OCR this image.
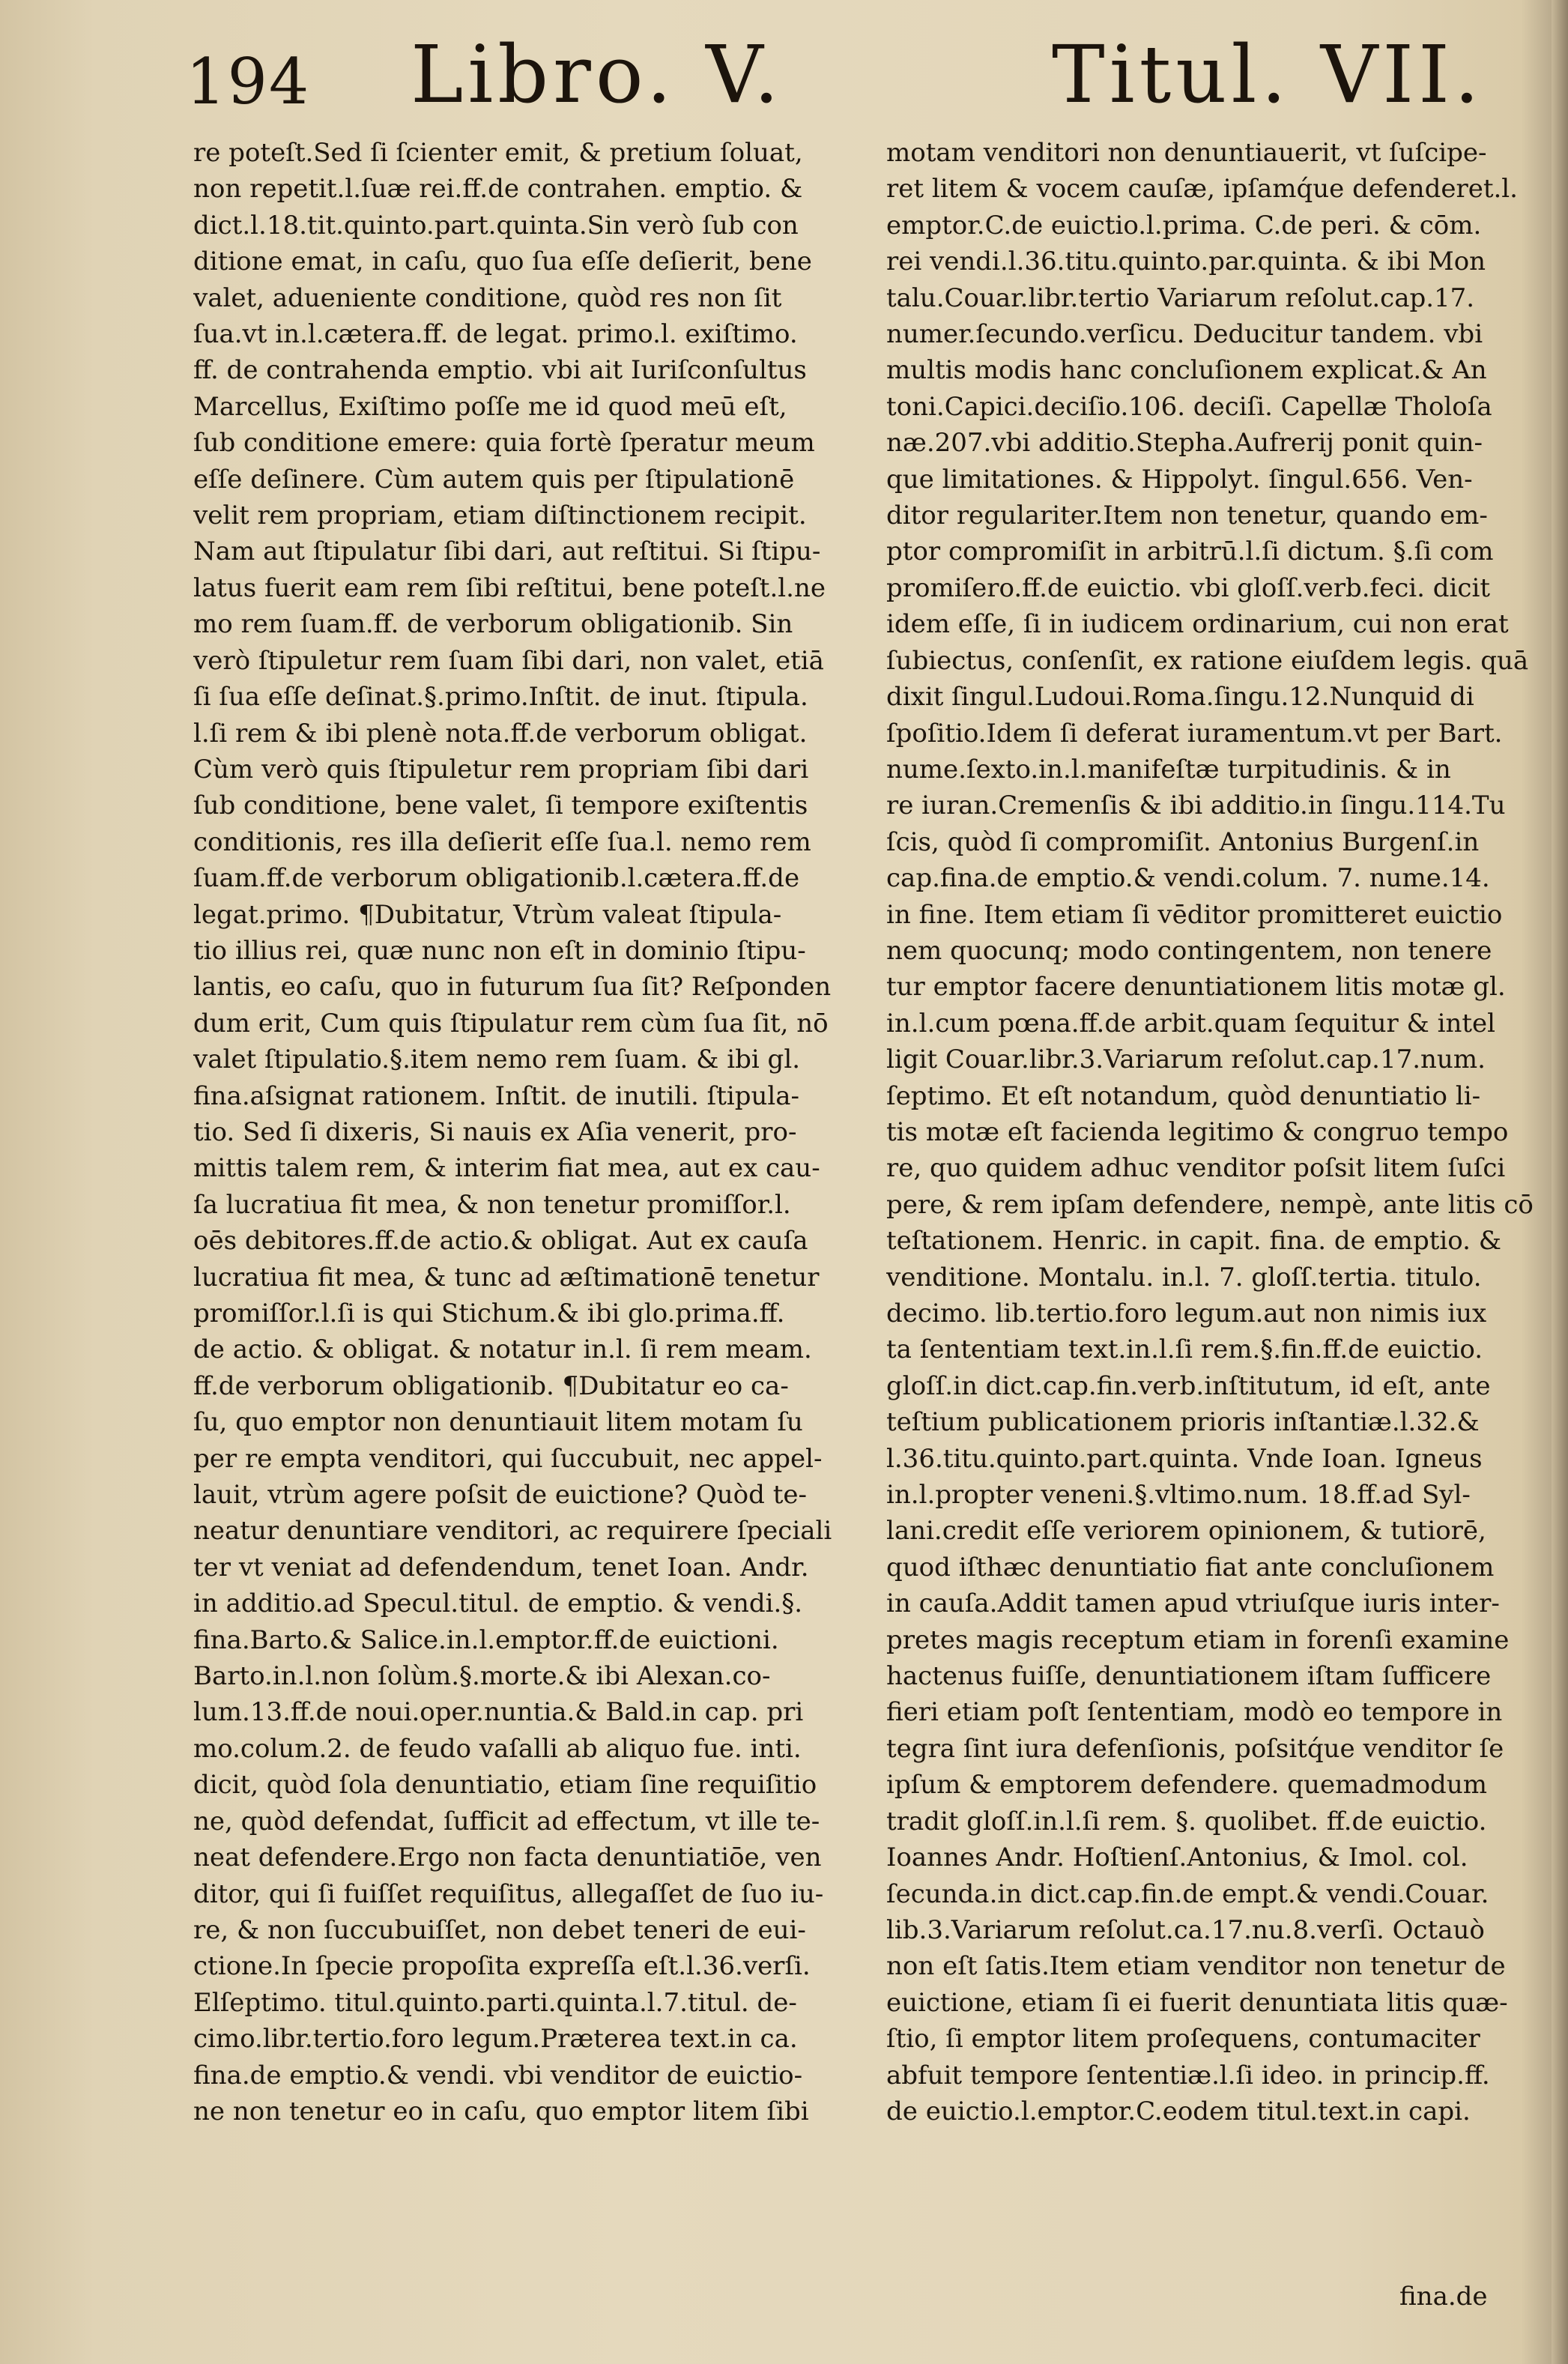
194 Libro. V.	Titul. VII.
re poteſt.Sed ſi ſcienter emit, & pretium ſoluat,
non repetit.l.ſuæ rei.ff.de contrahen. emptio. &
dict.l.18.tit.quinto.part.quinta.Sin verò ſub con
ditione emat, in caſu, quo ſua eſſe deſierit, bene
valet, adueniente conditione, quòd res non ſit
ſua.vt in.l.cætera.ff. de legat. primo.l. exiſtimo.
ff. de contrahenda emptio. vbi ait Iuriſconſultus
Marcellus, Exiſtimo poſſe me id quod meū eſt,
ſub conditione emere: quia fortè ſperatur meum
eſſe deſinere. Cùm autem quis per ſtipulationē
velit rem propriam, etiam diſtinctionem recipit.
Nam aut ſtipulatur ſibi dari, aut reſtitui. Si ſtipu-
latus fuerit eam rem ſibi reſtitui, bene poteſt.l.ne
mo rem ſuam.ff. de verborum obligationib. Sin
verò ſtipuletur rem ſuam ſibi dari, non valet, etiā
ſi ſua eſſe deſinat.§.primo.Inſtit. de inut. ſtipula.
l.ſi rem & ibi plenè nota.ff.de verborum obligat.
Cùm verò quis ſtipuletur rem propriam ſibi dari
ſub conditione, bene valet, ſi tempore exiſtentis
conditionis, res illa deſierit eſſe ſua.l. nemo rem
ſuam.ff.de verborum obligationib.l.cætera.ff.de
legat.primo. ¶Dubitatur, Vtrùm valeat ſtipula-
tio illius rei, quæ nunc non eſt in dominio ſtipu-
lantis, eo caſu, quo in futurum ſua ſit? Reſponden
dum erit, Cum quis ſtipulatur rem cùm ſua ſit, nō
valet ſtipulatio.§.item nemo rem ſuam. & ibi gl.
fina.aſsignat rationem. Inſtit. de inutili. ſtipula-
tio. Sed ſi dixeris, Si nauis ex Aſia venerit, pro-
mittis talem rem, & interim fiat mea, aut ex cau-
ſa lucratiua fit mea, & non tenetur promiſſor.l.
oēs debitores.ff.de actio.& obligat. Aut ex cauſa
lucratiua fit mea, & tunc ad æſtimationē tenetur
promiſſor.l.ſi is qui Stichum.& ibi glo.prima.ff.
de actio. & obligat. & notatur in.l. ſi rem meam.
ff.de verborum obligationib. ¶Dubitatur eo ca-
ſu, quo emptor non denuntiauit litem motam ſu
per re empta venditori, qui ſuccubuit, nec appel-
lauit, vtrùm agere poſsit de euictione? Quòd te-
neatur denuntiare venditori, ac requirere ſpeciali
ter vt veniat ad defendendum, tenet Ioan. Andr.
in additio.ad Specul.titul. de emptio. & vendi.§.
fina.Barto.& Salice.in.l.emptor.ff.de euictioni.
Barto.in.l.non ſolùm.§.morte.& ibi Alexan.co-
lum.13.ff.de noui.oper.nuntia.& Bald.in cap. pri
mo.colum.2. de feudo vaſalli ab aliquo fue. inti.
dicit, quòd ſola denuntiatio, etiam ſine requiſitio
ne, quòd defendat, ſufficit ad effectum, vt ille te-
neat defendere.Ergo non facta denuntiatiōe, ven
ditor, qui ſi fuiſſet requiſitus, allegaſſet de ſuo iu-
re, & non ſuccubuiſſet, non debet teneri de eui-
ctione.In ſpecie propoſita expreſſa eſt.l.36.verſi.
Elſeptimo. titul.quinto.parti.quinta.l.7.titul. de-
cimo.libr.tertio.foro legum.Præterea text.in ca.
fina.de emptio.& vendi. vbi venditor de euictio-
ne non tenetur eo in caſu, quo emptor litem ſibi
motam venditori non denuntiauerit, vt ſuſcipe-
ret litem & vocem cauſæ, ipſamq́ue defenderet.l.
emptor.C.de euictio.l.prima. C.de peri. & cōm.
rei vendi.l.36.titu.quinto.par.quinta. & ibi Mon
talu.Couar.libr.tertio Variarum reſolut.cap.17.
numer.ſecundo.verſicu. Deducitur tandem. vbi
multis modis hanc concluſionem explicat.& An
toni.Capici.deciſio.106. deciſi. Capellæ Tholoſa
næ.207.vbi additio.Stepha.Aufrerij ponit quin-
que limitationes. & Hippolyt. ſingul.656. Ven-
ditor regulariter.Item non tenetur, quando em-
ptor compromiſit in arbitrū.l.ſi dictum. §.ſi com
promiſero.ff.de euictio. vbi gloſſ.verb.feci. dicit
idem eſſe, ſi in iudicem ordinarium, cui non erat
ſubiectus, conſenſit, ex ratione eiuſdem legis. quā
dixit ſingul.Ludoui.Roma.ſingu.12.Nunquid di
ſpoſitio.Idem ſi deferat iuramentum.vt per Bart.
nume.ſexto.in.l.manifeſtæ turpitudinis. & in
re iuran.Cremenſis & ibi additio.in ſingu.114.Tu
ſcis, quòd ſi compromiſit. Antonius Burgenſ.in
cap.fina.de emptio.& vendi.colum. 7. nume.14.
in fine. Item etiam ſi vēditor promitteret euictio
nem quocunq; modo contingentem, non tenere
tur emptor facere denuntiationem litis motæ gl.
in.l.cum pœna.ff.de arbit.quam ſequitur & intel
ligit Couar.libr.3.Variarum reſolut.cap.17.num.
ſeptimo. Et eſt notandum, quòd denuntiatio li-
tis motæ eſt facienda legitimo & congruo tempo
re, quo quidem adhuc venditor poſsit litem ſuſci
pere, & rem ipſam defendere, nempè, ante litis cō
teſtationem. Henric. in capit. fina. de emptio. &
venditione. Montalu. in.l. 7. gloſſ.tertia. titulo.
decimo. lib.tertio.foro legum.aut non nimis iux
ta ſententiam text.in.l.ſi rem.§.fin.ff.de euictio.
gloſſ.in dict.cap.fin.verb.inſtitutum, id eſt, ante
teſtium publicationem prioris inſtantiæ.l.32.&
l.36.titu.quinto.part.quinta. Vnde Ioan. Igneus
in.l.propter veneni.§.vltimo.num. 18.ff.ad Syl-
lani.credit eſſe veriorem opinionem, & tutiorē,
quod iſthæc denuntiatio fiat ante concluſionem
in cauſa.Addit tamen apud vtriuſque iuris inter-
pretes magis receptum etiam in forenſi examine
hactenus fuiſſe, denuntiationem iſtam ſufficere
fieri etiam poſt ſententiam, modò eo tempore in
tegra ſint iura defenſionis, poſsitq́ue venditor ſe
ipſum & emptorem defendere. quemadmodum
tradit gloſſ.in.l.ſi rem. §. quolibet. ff.de euictio.
Ioannes Andr. Hoſtienſ.Antonius, & Imol. col.
ſecunda.in dict.cap.fin.de empt.& vendi.Couar.
lib.3.Variarum reſolut.ca.17.nu.8.verſi. Octauò
non eſt ſatis.Item etiam venditor non tenetur de
euictione, etiam ſi ei fuerit denuntiata litis quæ-
ſtio, ſi emptor litem proſequens, contumaciter
abfuit tempore ſententiæ.l.ſi ideo. in princip.ff.
de euictio.l.emptor.C.eodem titul.text.in capi.
fina.de
